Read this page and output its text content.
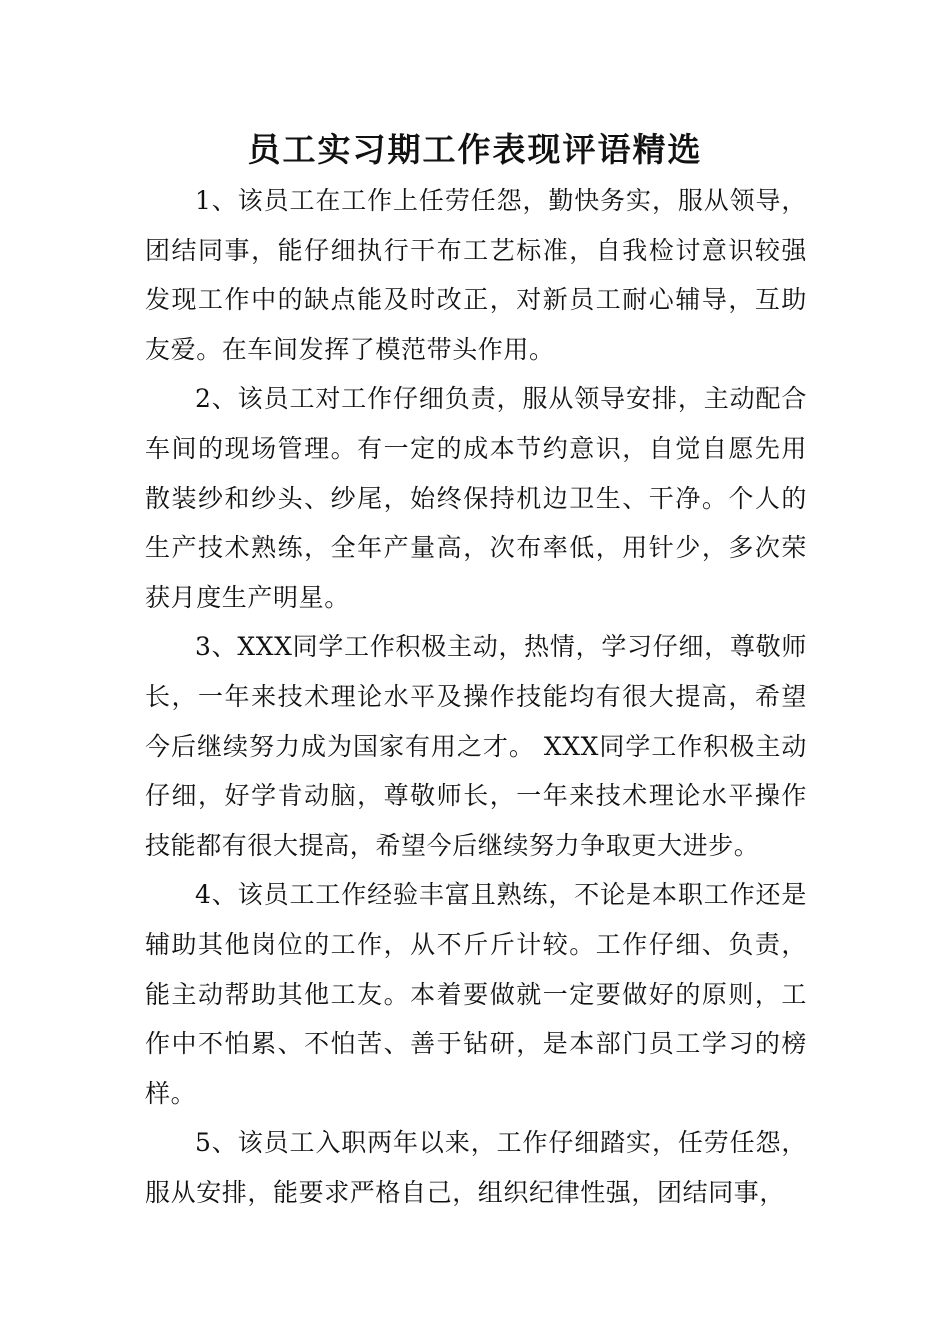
员工实习期工作表现评语精选

1、该员工在工作上任劳任怨，勤快务实，服从领导，团结同事，能仔细执行干布工艺标准，自我检讨意识较强发现工作中的缺点能及时改正，对新员工耐心辅导，互助友爱。在车间发挥了模范带头作用。

2、该员工对工作仔细负责，服从领导安排，主动配合车间的现场管理。有一定的成本节约意识，自觉自愿先用散装纱和纱头、纱尾，始终保持机边卫生、干净。个人的生产技术熟练，全年产量高，次布率低，用针少，多次荣获月度生产明星。

3、XXX同学工作积极主动，热情，学习仔细，尊敬师长，一年来技术理论水平及操作技能均有很大提高，希望今后继续努力成为国家有用之才。 XXX同学工作积极主动仔细，好学肯动脑，尊敬师长，一年来技术理论水平操作技能都有很大提高，希望今后继续努力争取更大进步。

4、该员工工作经验丰富且熟练，不论是本职工作还是辅助其他岗位的工作，从不斤斤计较。工作仔细、负责，能主动帮助其他工友。本着要做就一定要做好的原则，工作中不怕累、不怕苦、善于钻研，是本部门员工学习的榜样。

5、该员工入职两年以来，工作仔细踏实，任劳任怨，服从安排，能要求严格自己，组织纪律性强，团结同事，
